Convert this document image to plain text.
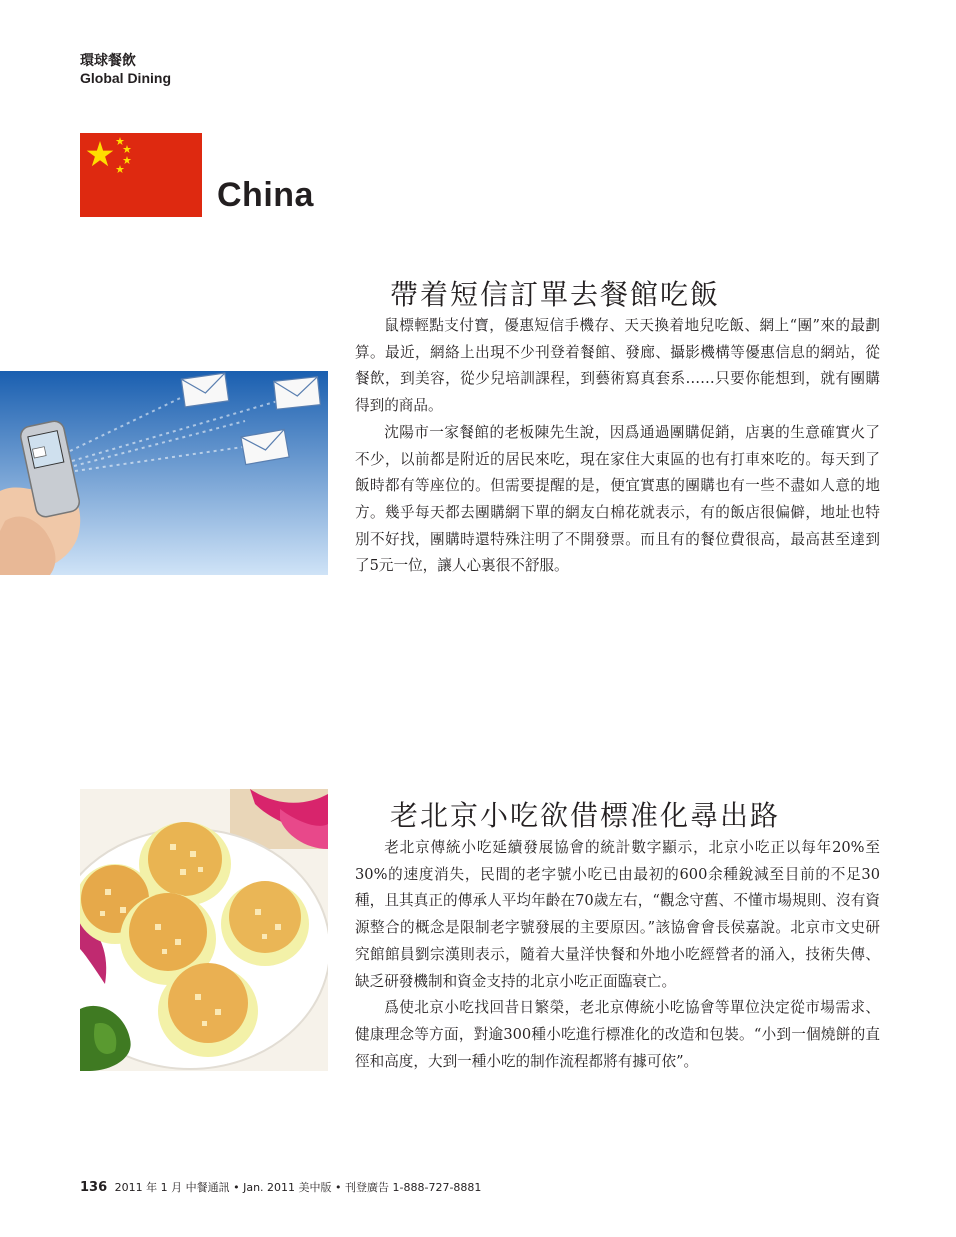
環球餐飲
Global Dining
China
帶着短信訂單去餐館吃飯

鼠標輕點支付寶，優惠短信手機存、天天換着地兒吃飯、網上“團”來的最劃算。最近，網絡上出現不少刊登着餐館、發廊、攝影機構等優惠信息的網站，從餐飲，到美容，從少兒培訓課程，到藝術寫真套系……只要你能想到，就有團購得到的商品。

沈陽市一家餐館的老板陳先生說，因爲通過團購促銷，店裏的生意確實火了不少，以前都是附近的居民來吃，現在家住大東區的也有打車來吃的。每天到了飯時都有等座位的。但需要提醒的是，便宜實惠的團購也有一些不盡如人意的地方。幾乎每天都去團購網下單的網友白棉花就表示，有的飯店很偏僻，地址也特別不好找，團購時還特殊注明了不開發票。而且有的餐位費很高，最高甚至達到了5元一位，讓人心裏很不舒服。

老北京小吃欲借標准化尋出路

老北京傳統小吃延續發展協會的統計數字顯示，北京小吃正以每年20%至30%的速度消失，民間的老字號小吃已由最初的600余種銳減至目前的不足30種，且其真正的傳承人平均年齡在70歲左右，“觀念守舊、不懂市場規則、沒有資源整合的概念是限制老字號發展的主要原因。”該協會會長侯嘉說。北京市文史研究館館員劉宗漢則表示，隨着大量洋快餐和外地小吃經營者的涌入，技術失傳、缺乏研發機制和資金支持的北京小吃正面臨衰亡。

爲使北京小吃找回昔日繁榮，老北京傳統小吃協會等單位決定從市場需求、健康理念等方面，對逾300種小吃進行標准化的改造和包裝。“小到一個燒餅的直徑和高度，大到一種小吃的制作流程都將有據可依”。

136 2011 年 1 月 中餐通訊 • Jan. 2011 美中版 • 刊登廣告 1-888-727-8881
